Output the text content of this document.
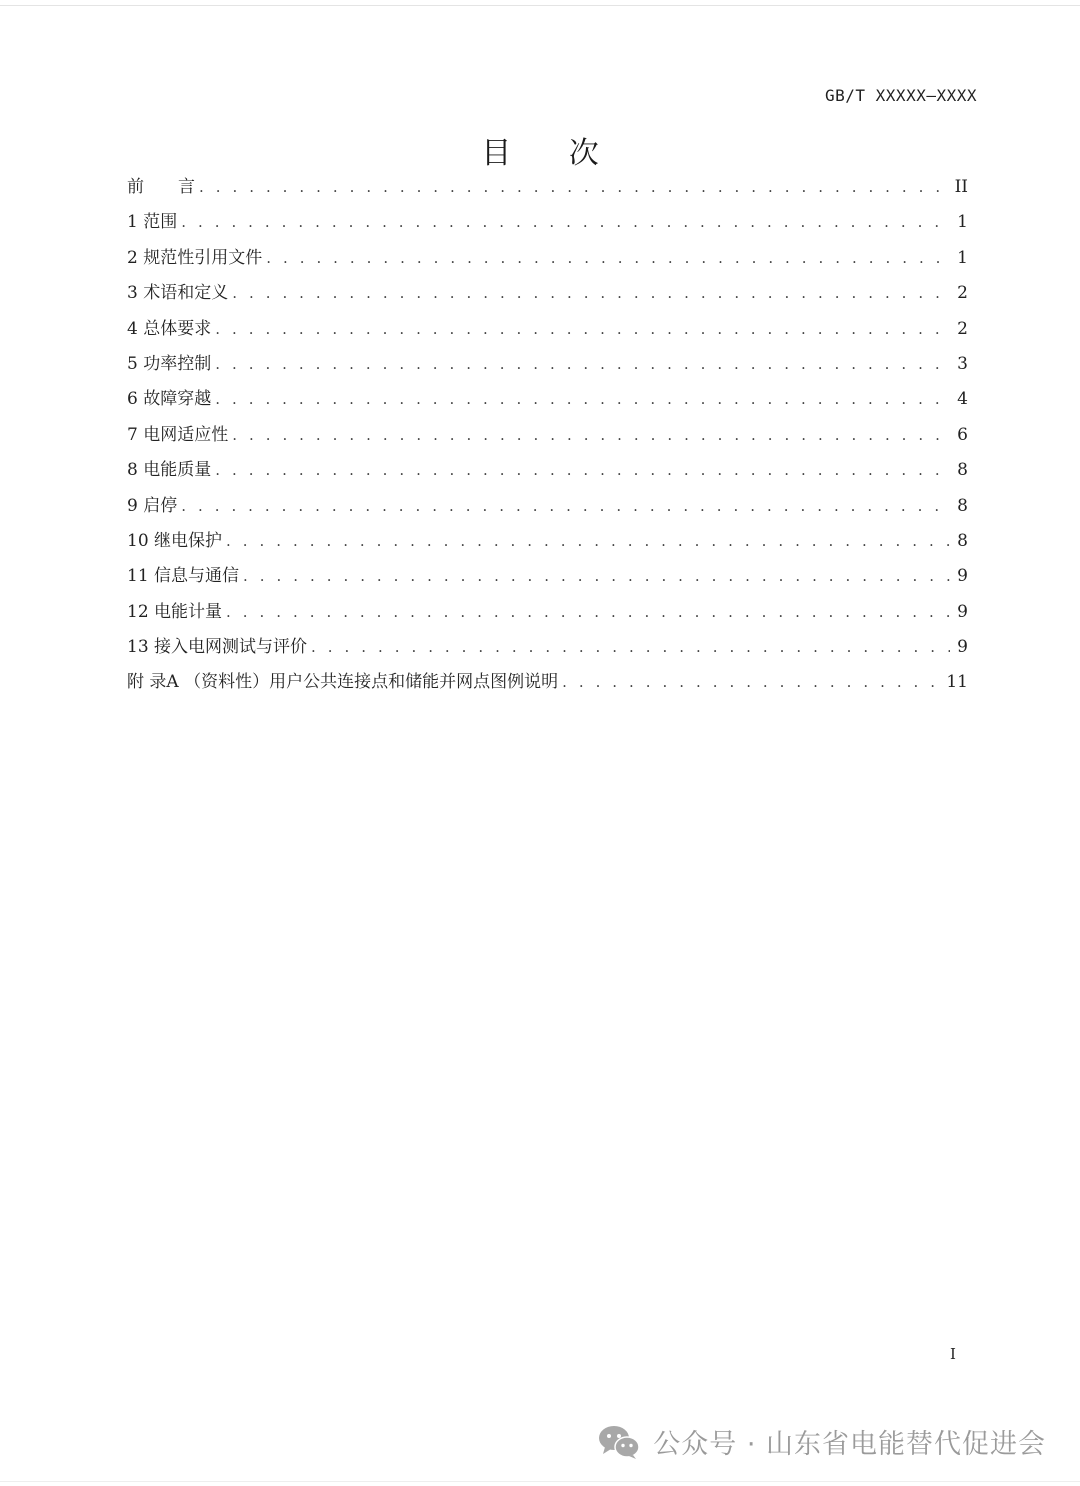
GB/T XXXXX—XXXX
目 次
前　　言 . . .	II
1 范围 . . .	1
2 规范性引用文件 . . .	1
3 术语和定义 . . .	2
4 总体要求 . . .	2
5 功率控制 . . .	3
6 故障穿越 . . .	4
7 电网适应性 . . .	6
8 电能质量 . . .	8
9 启停 . . .	8
10 继电保护 . . .	8
11 信息与通信 . . .	9
12 电能计量 . . .	9
13 接入电网测试与评价 . . .	9
附 录A （资料性）用户公共连接点和储能并网点图例说明 . . .	11
I
公众号 · 山东省电能替代促进会
